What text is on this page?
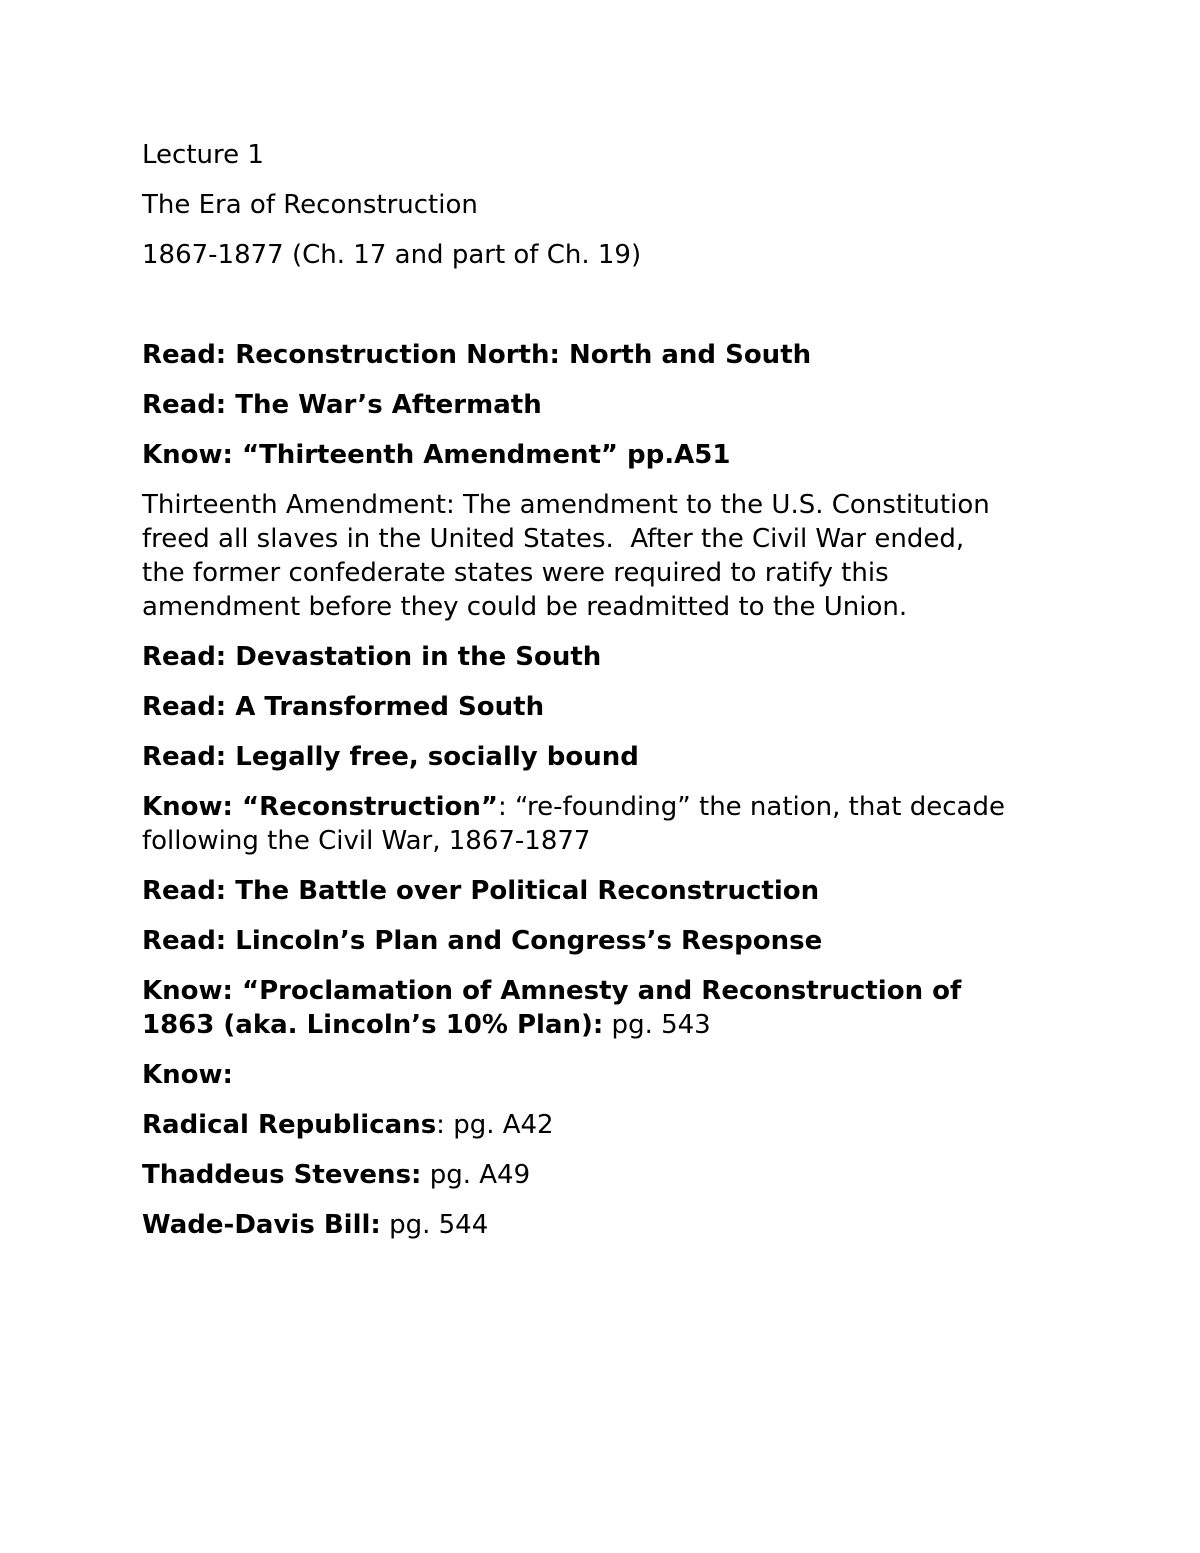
Lecture 1

The Era of Reconstruction

1867-1877 (Ch. 17 and part of Ch. 19)

Read: Reconstruction North: North and South

Read: The War’s Aftermath

Know: “Thirteenth Amendment” pp.A51

Thirteenth Amendment: The amendment to the U.S. Constitution
freed all slaves in the United States.  After the Civil War ended,
the former confederate states were required to ratify this
amendment before they could be readmitted to the Union.

Read: Devastation in the South

Read: A Transformed South

Read: Legally free, socially bound

Know: “Reconstruction”: “re-founding” the nation, that decade
following the Civil War, 1867-1877

Read: The Battle over Political Reconstruction

Read: Lincoln’s Plan and Congress’s Response

Know: “Proclamation of Amnesty and Reconstruction of
1863 (aka. Lincoln’s 10% Plan): pg. 543

Know:

Radical Republicans: pg. A42

Thaddeus Stevens: pg. A49

Wade-Davis Bill: pg. 544
